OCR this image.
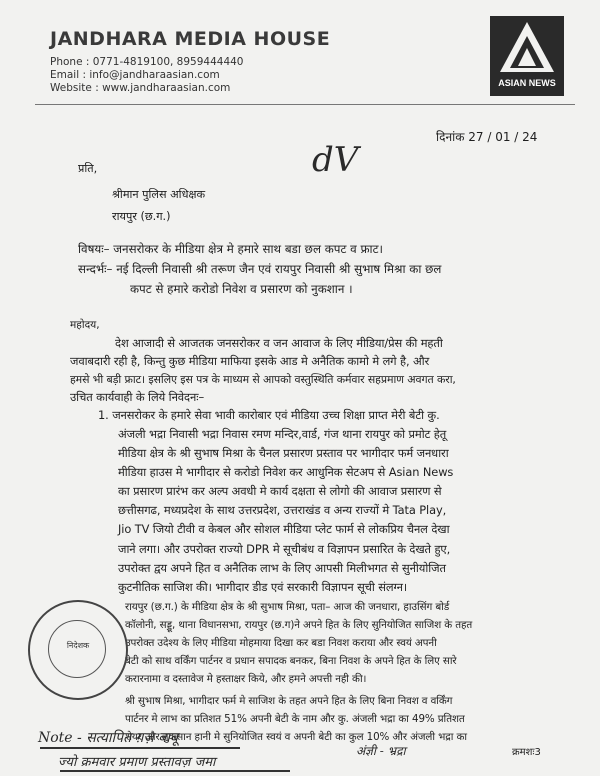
JANDHARA MEDIA HOUSE
Phone : 0771-4819100, 8959444440
Email : info@jandharaasian.com
Website : www.jandharaasian.com	ASIAN NEWS
दिनांक 27 / 01 / 24
dV
प्रति,
श्रीमान पुलिस अधिक्षक
रायपुर (छ.ग.)
विषयः– जनसरोकर के मीडिया क्षेत्र मे हमारे साथ बडा छल कपट व फ्राट।
सन्दर्भः– नई दिल्ली निवासी श्री तरूण जैन एवं रायपुर निवासी श्री सुभाष मिश्रा का छल
कपट से हमारे करोडो निवेश व प्रसारण को नुकशान ।
महोदय,
देश आजादी से आजतक जनसरोकर व जन आवाज के लिए मीडिया/प्रेस की महती
जवाबदारी रही है, किन्तु कुछ मीडिया माफिया इसके आड मे अनैतिक कामो मे लगे है, और
हमसे भी बड़ी फ्राट। इसलिए इस पत्र के माध्यम से आपको वस्तुस्थिति कर्मवार सहप्रमाण अवगत करा,
उचित कार्यवाही के लिये निवेदनः–
1. जनसरोकर के हमारे सेवा भावी कारोबार एवं मीडिया उच्च शिक्षा प्राप्त मेरी बेटी कु.
अंजली भद्रा निवासी भद्रा निवास रमण मन्दिर,वार्ड, गंज थाना रायपुर को प्रमोट हेतू
मीडिया क्षेत्र के श्री सुभाष मिश्रा के चैनल प्रसारण प्रस्ताव पर भागीदार फर्म जनधारा
मीडिया हाउस मे भागीदार से करोडो निवेश कर आधुनिक सेटअप से Asian News
का प्रसारण प्रारंभ कर अल्प अवधी मे कार्य दक्षता से लोगो की आवाज प्रसारण से
छत्तीसगढ, मध्यप्रदेश के साथ उत्तरप्रदेश, उत्तराखंड व अन्य राज्यों मे Tata Play,
Jio TV जियो टीवी व केबल और सोशल मीडिया प्लेट फार्म से लोकप्रिय चैनल देखा
जाने लगा। और उपरोक्त राज्यो DPR मे सूचीबंध व विज्ञापन प्रसारित के देखते हुए,
उपरोक्त द्वय अपने हित व अनैतिक लाभ के लिए आपसी मिलीभगत से सुनीयोजित
कुटनीतिक साजिश की। भागीदार डीड एवं सरकारी विज्ञापन सूची संलग्न।
रायपुर (छ.ग.) के मीडिया क्षेत्र के श्री सुभाष मिश्रा, पता– आज की जनधारा, हाउसिंग बोर्ड
कॉलोनी, सड्डू, थाना विधानसभा, रायपुर (छ.ग)ने अपने हित के लिए सुनियोजित साजिश के तहत
उपरोक्त उदेश्य के लिए मीडिया मोहमाया दिखा कर बडा निवश कराया और स्वयं अपनी
बेटी को साथ वर्किंग पार्टनर व प्रधान सपादक बनकर, बिना निवश के अपने हित के लिए सारे
करारनामा व दस्तावेज मे हस्ताक्षर किये, और हमने अपत्ती नही की।
निदेशक
श्री सुभाष मिश्रा, भागीदार फर्म मे साजिश के तहत अपने हित के लिए बिना निवश व वर्किंग
पार्टनर मे लाभ का प्रतिशत 51% अपनी बेटी के नाम और कु. अंजली भद्रा का 49% प्रतिशत
शेयर और नुकसान हानी मे सुनियोजित स्वयं व अपनी बेटी का कुल 10% और अंजली भद्रा का
Note - सत्यापित ग़ज़ बाबू
ज्यो क्रमवार प्रमाण प्रस्तावज़ जमा
अंज्ञी - भ्रद्रा	क्रमशः3
